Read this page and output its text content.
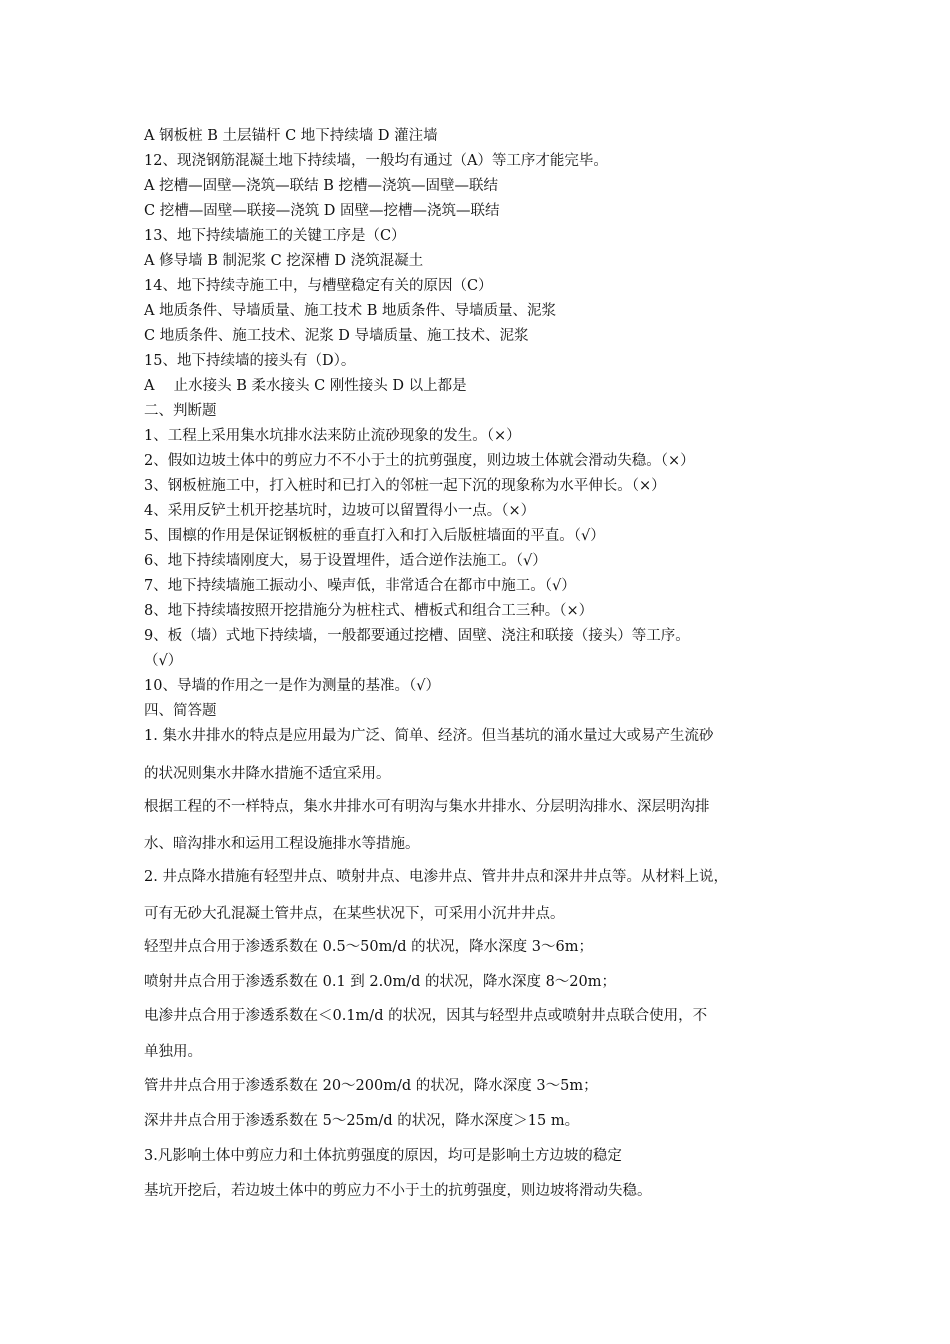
A 钢板桩 B 土层锚杆 C 地下持续墙 D 灌注墙
12、现浇钢筋混凝土地下持续墙，一般均有通过（A）等工序才能完毕。
A 挖槽—固壁—浇筑—联结 B 挖槽—浇筑—固壁—联结
C 挖槽—固壁—联接—浇筑 D 固壁—挖槽—浇筑—联结
13、地下持续墙施工的关键工序是（C）
A 修导墙 B 制泥浆 C 挖深槽 D 浇筑混凝土
14、地下持续寺施工中，与槽壁稳定有关的原因（C）
A 地质条件、导墙质量、施工技术 B 地质条件、导墙质量、泥浆
C 地质条件、施工技术、泥浆 D 导墙质量、施工技术、泥浆
15、地下持续墙的接头有（D）。
A　 止水接头 B 柔水接头 C 刚性接头 D 以上都是
二、判断题
1、工程上采用集水坑排水法来防止流砂现象的发生。（×）
2、假如边坡土体中的剪应力不不小于土的抗剪强度，则边坡土体就会滑动失稳。（×）
3、钢板桩施工中，打入桩时和已打入的邻桩一起下沉的现象称为水平伸长。（×）
4、采用反铲土机开挖基坑时，边坡可以留置得小一点。（×）
5、围檩的作用是保证钢板桩的垂直打入和打入后版桩墙面的平直。（√）
6、地下持续墙刚度大，易于设置埋件，适合逆作法施工。（√）
7、地下持续墙施工振动小、噪声低，非常适合在都市中施工。（√）
8、地下持续墙按照开挖措施分为桩柱式、槽板式和组合工三种。（×）
9、板（墙）式地下持续墙，一般都要通过挖槽、固壁、浇注和联接（接头）等工序。
（√）
10、导墙的作用之一是作为测量的基准。（√）
四、简答题
1. 集水井排水的特点是应用最为广泛、简单、经济。但当基坑的涌水量过大或易产生流砂
的状况则集水井降水措施不适宜采用。
根据工程的不一样特点，集水井排水可有明沟与集水井排水、分层明沟排水、深层明沟排
水、暗沟排水和运用工程设施排水等措施。
2. 井点降水措施有轻型井点、喷射井点、电渗井点、管井井点和深井井点等。从材料上说，
可有无砂大孔混凝土管井点，在某些状况下，可采用小沉井井点。
轻型井点合用于渗透系数在 0.5～50m/d 的状况，降水深度 3～6m；
喷射井点合用于渗透系数在 0.1 到 2.0m/d 的状况，降水深度 8～20m；
电渗井点合用于渗透系数在＜0.1m/d 的状况，因其与轻型井点或喷射井点联合使用，不
单独用。
管井井点合用于渗透系数在 20～200m/d 的状况，降水深度 3～5m；
深井井点合用于渗透系数在 5～25m/d 的状况，降水深度＞15 m。
3.凡影响土体中剪应力和土体抗剪强度的原因，均可是影响土方边坡的稳定
基坑开挖后，若边坡土体中的剪应力不小于土的抗剪强度，则边坡将滑动失稳。
